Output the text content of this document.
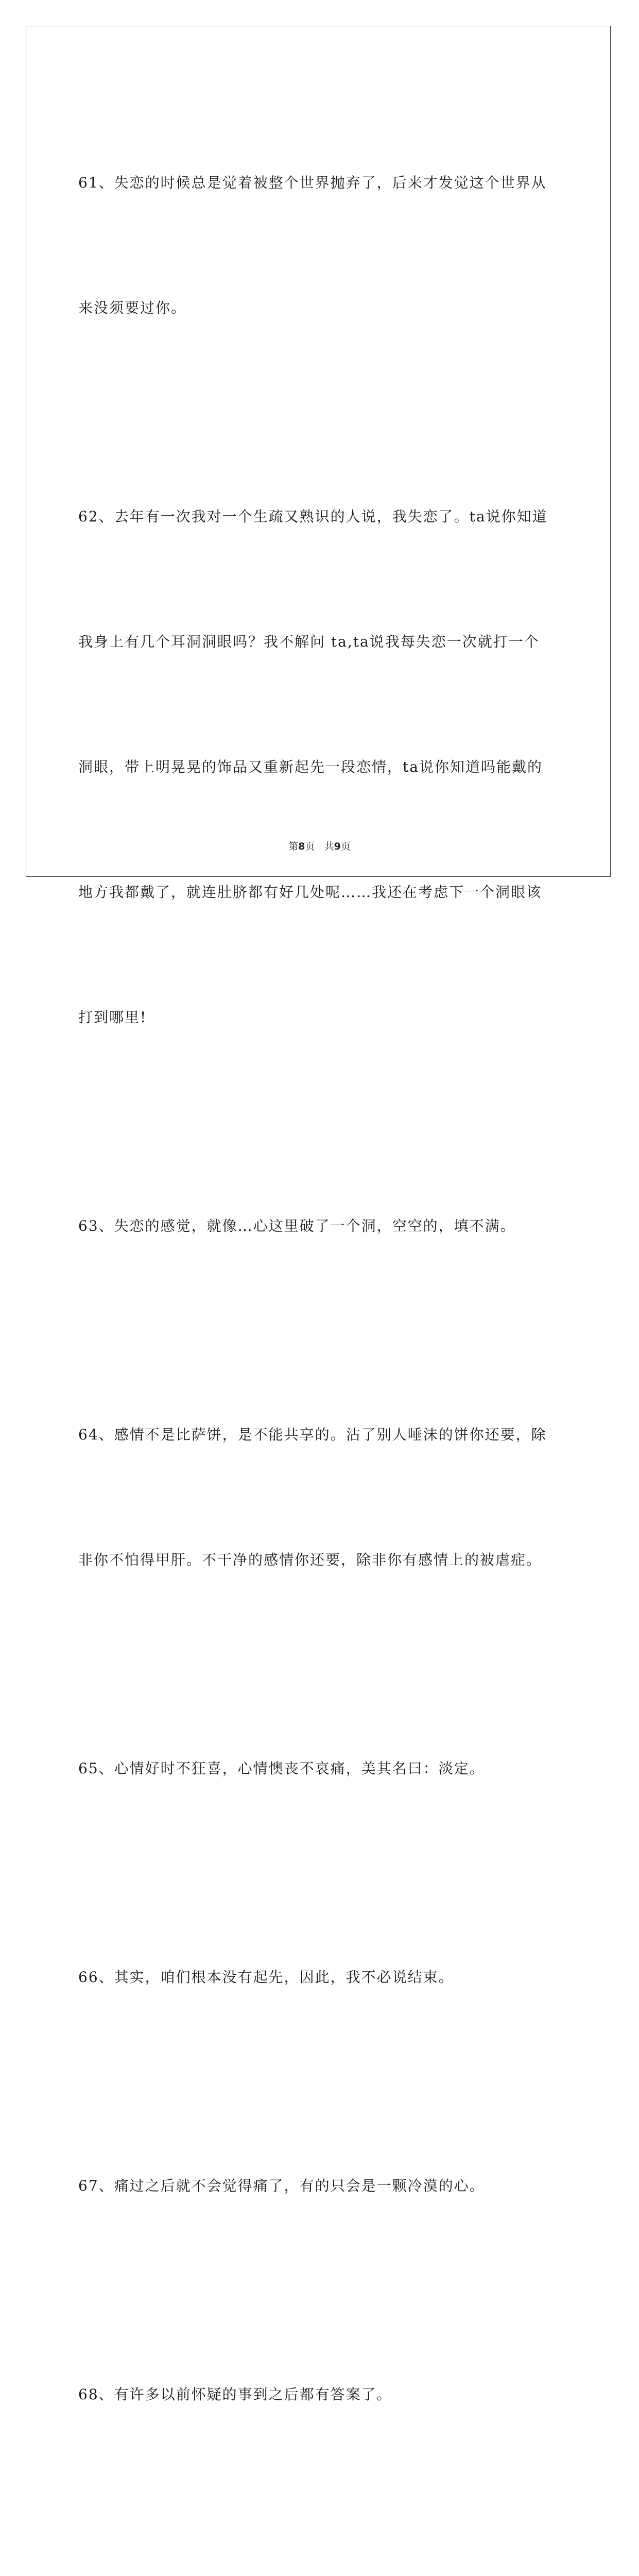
61、失恋的时候总是觉着被整个世界抛弃了，后来才发觉这个世界从

来没须要过你。

62、去年有一次我对一个生疏又熟识的人说，我失恋了。ta说你知道

我身上有几个耳洞洞眼吗？我不解问 ta,ta说我每失恋一次就打一个

洞眼，带上明晃晃的饰品又重新起先一段恋情，ta说你知道吗能戴的

地方我都戴了，就连肚脐都有好几处呢……我还在考虑下一个洞眼该

打到哪里!

63、失恋的感觉，就像…心这里破了一个洞，空空的，填不满。

64、感情不是比萨饼，是不能共享的。沾了别人唾沫的饼你还要，除

非你不怕得甲肝。不干净的感情你还要，除非你有感情上的被虐症。

65、心情好时不狂喜，心情懊丧不哀痛，美其名曰：淡定。

66、其实，咱们根本没有起先，因此，我不必说结束。

67、痛过之后就不会觉得痛了，有的只会是一颗冷漠的心。

68、有许多以前怀疑的事到之后都有答案了。

第8页 共9页
